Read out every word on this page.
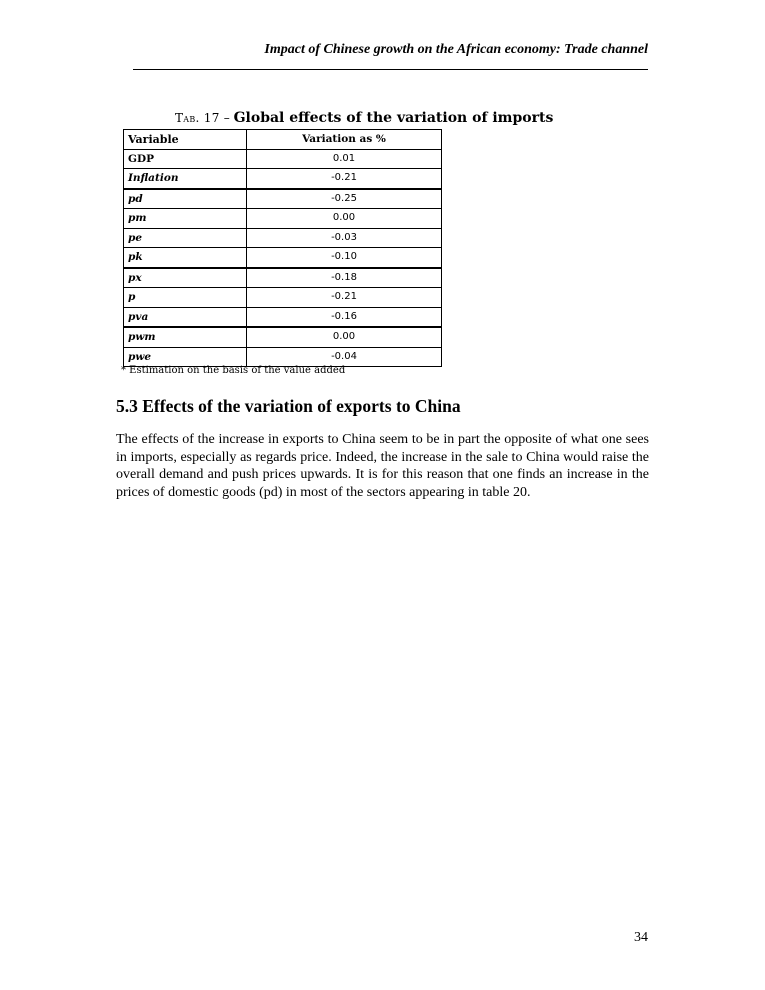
Impact of Chinese growth on the African economy: Trade channel
Tab. 17 – Global effects of the variation of imports
Variable	Variation as %
GDP	0.01
Inflation	-0.21
pd	-0.25
pm	0.00
pe	-0.03
pk	-0.10
px	-0.18
p	-0.21
pva	-0.16
pwm	0.00
pwe	-0.04
* Estimation on the basis of the value added
5.3 Effects of the variation of exports to China

The effects of the increase in exports to China seem to be in part the opposite of what one sees in imports, especially as regards price. Indeed, the increase in the sale to China would raise the overall demand and push prices upwards. It is for this reason that one finds an increase in the prices of domestic goods (pd) in most of the sectors appearing in table 20.

34
